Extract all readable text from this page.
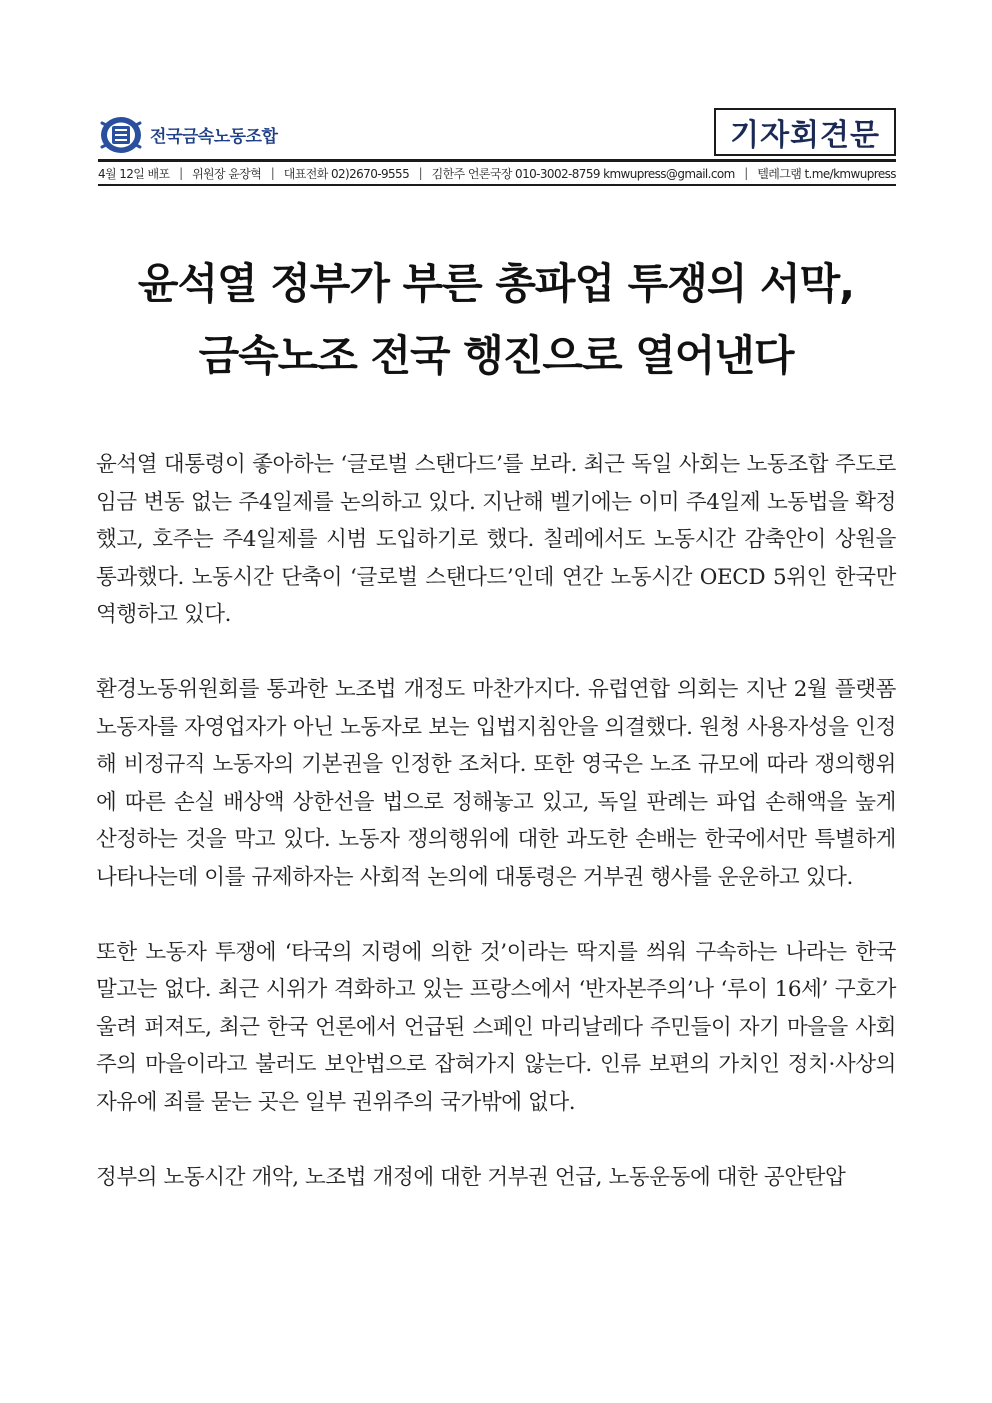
전국금속노동조합	기자회견문
4월 12일 배포 | 위원장 윤장혁 | 대표전화 02)2670-9555 | 김한주 언론국장 010-3002-8759 kmwupress@gmail.com | 텔레그램 t.me/kmwupress
윤석열 정부가 부른 총파업 투쟁의 서막,
금속노조 전국 행진으로 열어낸다

윤석열 대통령이 좋아하는 ‘글로벌 스탠다드’를 보라. 최근 독일 사회는 노동조합 주도로 임금 변동 없는 주4일제를 논의하고 있다. 지난해 벨기에는 이미 주4일제 노동법을 확정했고, 호주는 주4일제를 시범 도입하기로 했다. 칠레에서도 노동시간 감축안이 상원을 통과했다. 노동시간 단축이 ‘글로벌 스탠다드’인데 연간 노동시간 OECD 5위인 한국만 역행하고 있다.

환경노동위원회를 통과한 노조법 개정도 마찬가지다. 유럽연합 의회는 지난 2월 플랫폼 노동자를 자영업자가 아닌 노동자로 보는 입법지침안을 의결했다. 원청 사용자성을 인정해 비정규직 노동자의 기본권을 인정한 조처다. 또한 영국은 노조 규모에 따라 쟁의행위에 따른 손실 배상액 상한선을 법으로 정해놓고 있고, 독일 판례는 파업 손해액을 높게 산정하는 것을 막고 있다. 노동자 쟁의행위에 대한 과도한 손배는 한국에서만 특별하게 나타나는데 이를 규제하자는 사회적 논의에 대통령은 거부권 행사를 운운하고 있다.

또한 노동자 투쟁에 ‘타국의 지령에 의한 것’이라는 딱지를 씌워 구속하는 나라는 한국 말고는 없다. 최근 시위가 격화하고 있는 프랑스에서 ‘반자본주의’나 ‘루이 16세’ 구호가 울려 퍼져도, 최근 한국 언론에서 언급된 스페인 마리날레다 주민들이 자기 마을을 사회주의 마을이라고 불러도 보안법으로 잡혀가지 않는다. 인류 보편의 가치인 정치·사상의 자유에 죄를 묻는 곳은 일부 권위주의 국가밖에 없다.

정부의 노동시간 개악, 노조법 개정에 대한 거부권 언급, 노동운동에 대한 공안탄압
